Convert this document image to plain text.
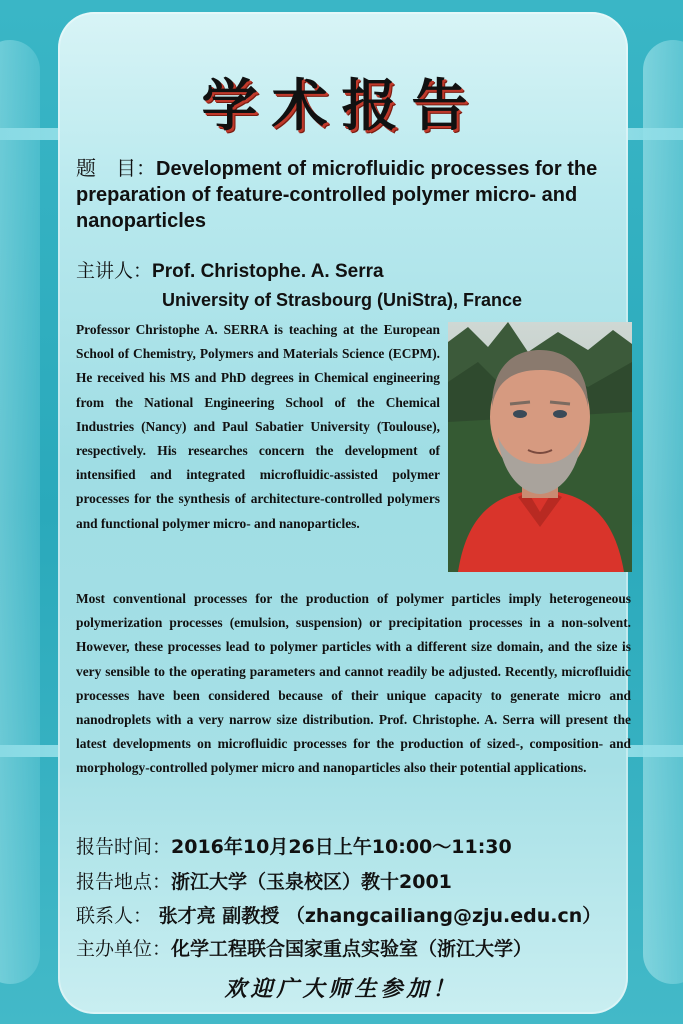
学术报告
题　目：Development of microfluidic processes for the preparation of feature-controlled polymer micro- and nanoparticles
主讲人：Prof. Christophe. A. Serra
University of Strasbourg (UniStra), France
Professor Christophe A. SERRA is teaching at the European School of Chemistry, Polymers and Materials Science (ECPM). He received his MS and PhD degrees in Chemical engineering from the National Engineering School of the Chemical Industries (Nancy) and Paul Sabatier University (Toulouse), respectively. His researches concern the development of intensified and integrated microfluidic-assisted polymer processes for the synthesis of architecture-controlled polymers and functional polymer micro- and nanoparticles.
Most conventional processes for the production of polymer particles imply heterogeneous polymerization processes (emulsion, suspension) or precipitation processes in a non-solvent. However, these processes lead to polymer particles with a different size domain, and the size is very sensible to the operating parameters and cannot readily be adjusted. Recently, microfluidic processes have been considered because of their unique capacity to generate micro and nanodroplets with a very narrow size distribution. Prof. Christophe. A. Serra will present the latest developments on microfluidic processes for the production of sized-, composition- and morphology-controlled polymer micro and nanoparticles also their potential applications.
报告时间：2016年10月26日上午10:00～11:30
报告地点：浙江大学（玉泉校区）教十2001
联系人： 张才亮 副教授 （zhangcailiang@zju.edu.cn）
主办单位：化学工程联合国家重点实验室（浙江大学）
欢迎广大师生参加！
